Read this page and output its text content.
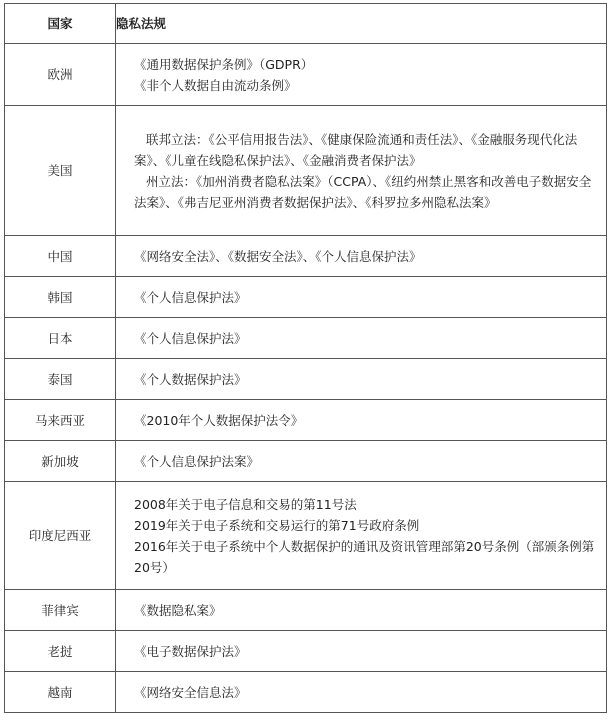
国家	隐私法规
欧洲	《通用数据保护条例》（GDPR）
《非个人数据自由流动条例》

美国	联邦立法：《公平信用报告法》、《健康保险流通和责任法》、《金融服务现代化法案》、《儿童在线隐私保护法》、《金融消费者保护法》
州立法：《加州消费者隐私法案》（CCPA）、《纽约州禁止黑客和改善电子数据安全法案》、《弗吉尼亚州消费者数据保护法》、《科罗拉多州隐私法案》

中国	《网络安全法》、《数据安全法》、《个人信息保护法》

韩国	《个人信息保护法》

日本	《个人信息保护法》

泰国	《个人数据保护法》

马来西亚	《2010年个人数据保护法令》

新加坡	《个人信息保护法案》

印度尼西亚	2008年关于电子信息和交易的第11号法
2019年关于电子系统和交易运行的第71号政府条例
2016年关于电子系统中个人数据保护的通讯及资讯管理部第20号条例（部颁条例第20号）

菲律宾	《数据隐私案》

老挝	《电子数据保护法》

越南	《网络安全信息法》
